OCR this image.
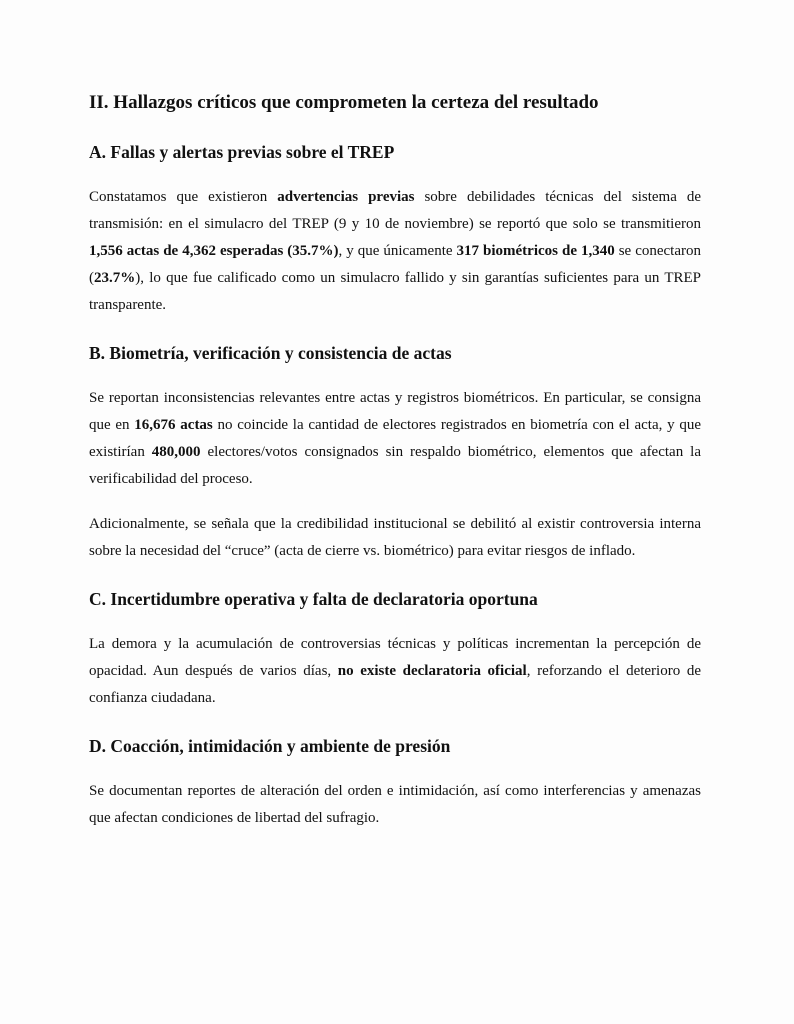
II. Hallazgos críticos que comprometen la certeza del resultado
A. Fallas y alertas previas sobre el TREP

Constatamos que existieron advertencias previas sobre debilidades técnicas del sistema de transmisión: en el simulacro del TREP (9 y 10 de noviembre) se reportó que solo se transmitieron 1,556 actas de 4,362 esperadas (35.7%), y que únicamente 317 biométricos de 1,340 se conectaron (23.7%), lo que fue calificado como un simulacro fallido y sin garantías suficientes para un TREP transparente.

B. Biometría, verificación y consistencia de actas

Se reportan inconsistencias relevantes entre actas y registros biométricos. En particular, se consigna que en 16,676 actas no coincide la cantidad de electores registrados en biometría con el acta, y que existirían 480,000 electores/votos consignados sin respaldo biométrico, elementos que afectan la verificabilidad del proceso.

Adicionalmente, se señala que la credibilidad institucional se debilitó al existir controversia interna sobre la necesidad del “cruce” (acta de cierre vs. biométrico) para evitar riesgos de inflado.

C. Incertidumbre operativa y falta de declaratoria oportuna

La demora y la acumulación de controversias técnicas y políticas incrementan la percepción de opacidad. Aun después de varios días, no existe declaratoria oficial, reforzando el deterioro de confianza ciudadana.

D. Coacción, intimidación y ambiente de presión

Se documentan reportes de alteración del orden e intimidación, así como interferencias y amenazas que afectan condiciones de libertad del sufragio.
